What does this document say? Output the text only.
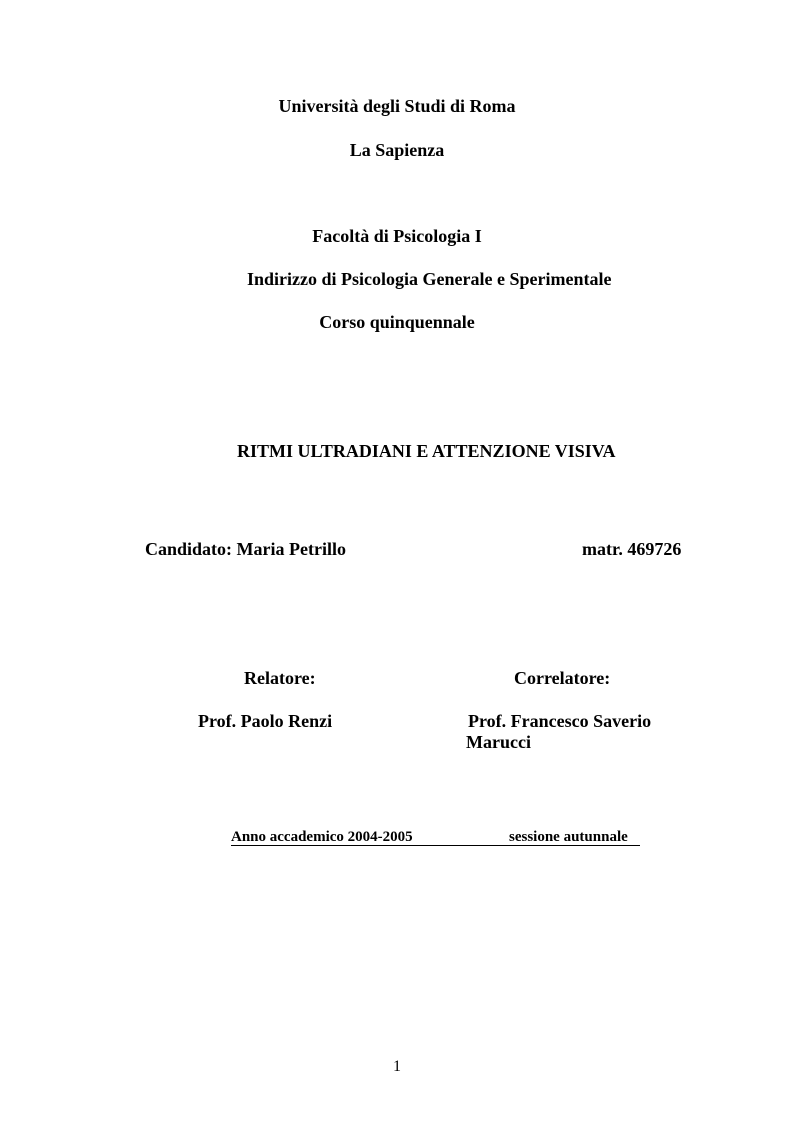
Università degli Studi di Roma
La Sapienza
Facoltà di Psicologia I
Indirizzo di Psicologia Generale e Sperimentale
Corso quinquennale
RITMI ULTRADIANI E ATTENZIONE VISIVA
Candidato: Maria Petrillo	matr. 469726
Relatore:	Correlatore:
Prof. Paolo Renzi	Prof. Francesco Saverio
Marucci
Anno accademico 2004-2005	sessione autunnale
1
